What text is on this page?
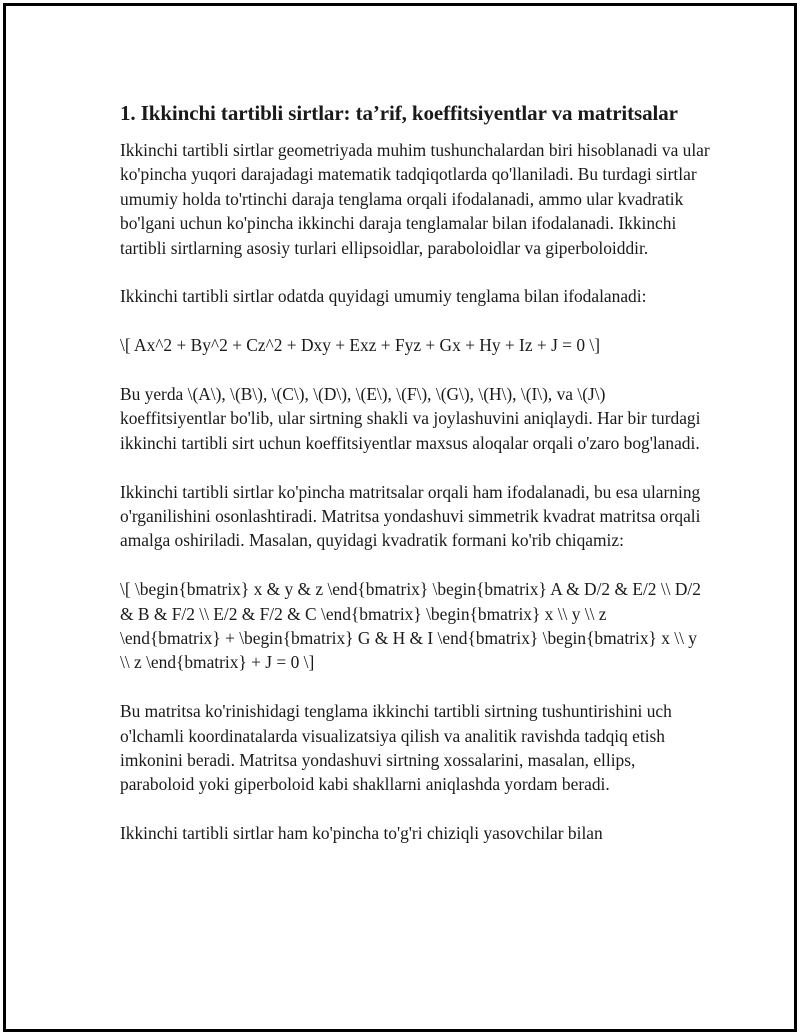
1. Ikkinchi tartibli sirtlar: ta’rif, koeffitsiyentlar va matritsalar

Ikkinchi tartibli sirtlar geometriyada muhim tushunchalardan biri hisoblanadi va ular ko'pincha yuqori darajadagi matematik tadqiqotlarda qo'llaniladi. Bu turdagi sirtlar umumiy holda to'rtinchi daraja tenglama orqali ifodalanadi, ammo ular kvadratik bo'lgani uchun ko'pincha ikkinchi daraja tenglamalar bilan ifodalanadi. Ikkinchi tartibli sirtlarning asosiy turlari ellipsoidlar, paraboloidlar va giperboloiddir.

Ikkinchi tartibli sirtlar odatda quyidagi umumiy tenglama bilan ifodalanadi:

\[ Ax^2 + By^2 + Cz^2 + Dxy + Exz + Fyz + Gx + Hy + Iz + J = 0 \]

Bu yerda \(A\), \(B\), \(C\), \(D\), \(E\), \(F\), \(G\), \(H\), \(I\), va \(J\) koeffitsiyentlar bo'lib, ular sirtning shakli va joylashuvini aniqlaydi. Har bir turdagi ikkinchi tartibli sirt uchun koeffitsiyentlar maxsus aloqalar orqali o'zaro bog'lanadi.

Ikkinchi tartibli sirtlar ko'pincha matritsalar orqali ham ifodalanadi, bu esa ularning o'rganilishini osonlashtiradi. Matritsa yondashuvi simmetrik kvadrat matritsa orqali amalga oshiriladi. Masalan, quyidagi kvadratik formani ko'rib chiqamiz:

\[ \begin{bmatrix} x & y & z \end{bmatrix} \begin{bmatrix} A & D/2 & E/2 \\ D/2 & B & F/2 \\ E/2 & F/2 & C \end{bmatrix} \begin{bmatrix} x \\ y \\ z \end{bmatrix} + \begin{bmatrix} G & H & I \end{bmatrix} \begin{bmatrix} x \\ y \\ z \end{bmatrix} + J = 0 \]

Bu matritsa ko'rinishidagi tenglama ikkinchi tartibli sirtning tushuntirishini uch o'lchamli koordinatalarda visualizatsiya qilish va analitik ravishda tadqiq etish imkonini beradi. Matritsa yondashuvi sirtning xossalarini, masalan, ellips, paraboloid yoki giperboloid kabi shakllarni aniqlashda yordam beradi.

Ikkinchi tartibli sirtlar ham ko'pincha to'g'ri chiziqli yasovchilar bilan
